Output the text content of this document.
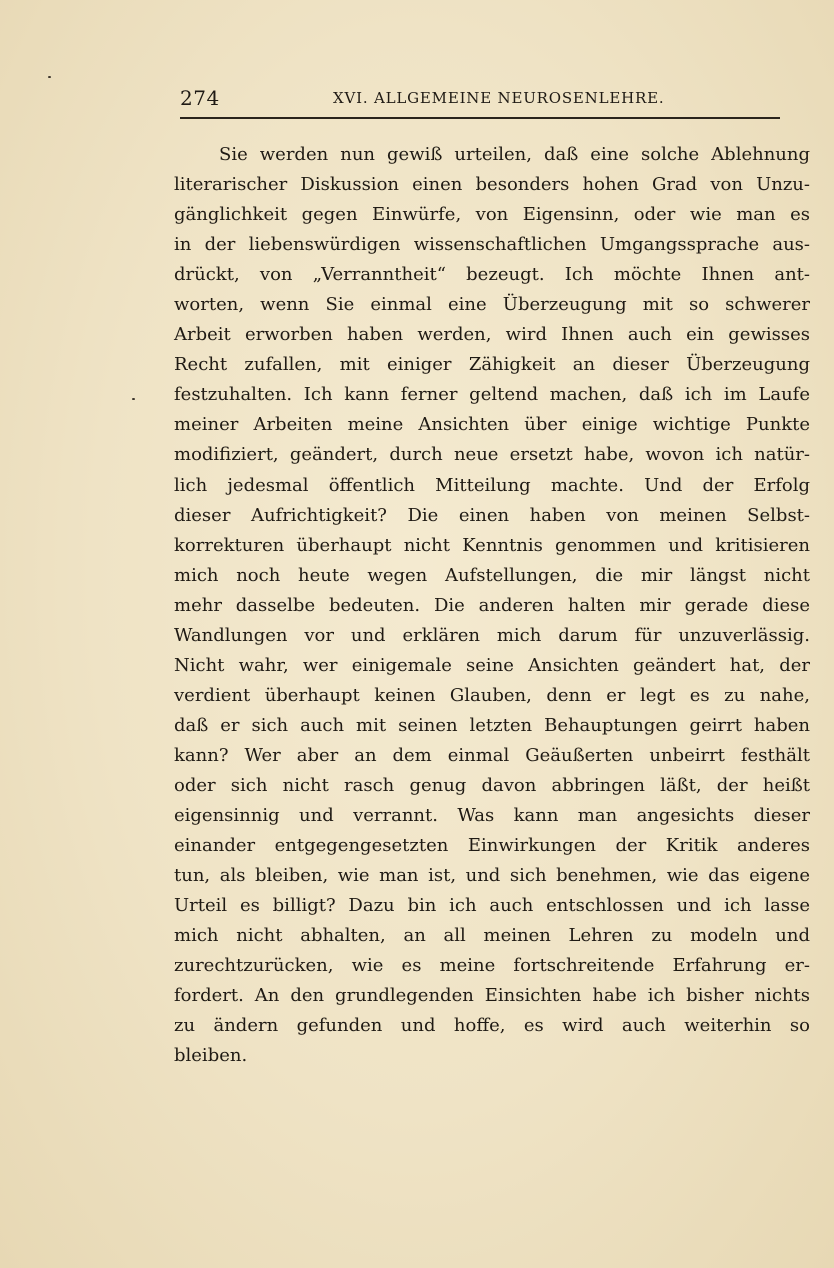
274	XVI. ALLGEMEINE NEUROSENLEHRE.
Sie werden nun gewiß urteilen, daß eine solche Ablehnung
literarischer Diskussion einen besonders hohen Grad von Unzu-
gänglichkeit gegen Einwürfe, von Eigensinn, oder wie man es
in der liebenswürdigen wissenschaftlichen Umgangssprache aus-
drückt, von „Verranntheit“ bezeugt. Ich möchte Ihnen ant-
worten, wenn Sie einmal eine Überzeugung mit so schwerer
Arbeit erworben haben werden, wird Ihnen auch ein gewisses
Recht zufallen, mit einiger Zähigkeit an dieser Überzeugung
festzuhalten. Ich kann ferner geltend machen, daß ich im Laufe
meiner Arbeiten meine Ansichten über einige wichtige Punkte
modifiziert, geändert, durch neue ersetzt habe, wovon ich natür-
lich jedesmal öffentlich Mitteilung machte. Und der Erfolg
dieser Aufrichtigkeit? Die einen haben von meinen Selbst-
korrekturen überhaupt nicht Kenntnis genommen und kritisieren
mich noch heute wegen Aufstellungen, die mir längst nicht
mehr dasselbe bedeuten. Die anderen halten mir gerade diese
Wandlungen vor und erklären mich darum für unzuverlässig.
Nicht wahr, wer einigemale seine Ansichten geändert hat, der
verdient überhaupt keinen Glauben, denn er legt es zu nahe,
daß er sich auch mit seinen letzten Behauptungen geirrt haben
kann? Wer aber an dem einmal Geäußerten unbeirrt festhält
oder sich nicht rasch genug davon abbringen läßt, der heißt
eigensinnig und verrannt. Was kann man angesichts dieser
einander entgegengesetzten Einwirkungen der Kritik anderes
tun, als bleiben, wie man ist, und sich benehmen, wie das eigene
Urteil es billigt? Dazu bin ich auch entschlossen und ich lasse
mich nicht abhalten, an all meinen Lehren zu modeln und
zurechtzurücken, wie es meine fortschreitende Erfahrung er-
fordert. An den grundlegenden Einsichten habe ich bisher nichts
zu ändern gefunden und hoffe, es wird auch weiterhin so
bleiben.
